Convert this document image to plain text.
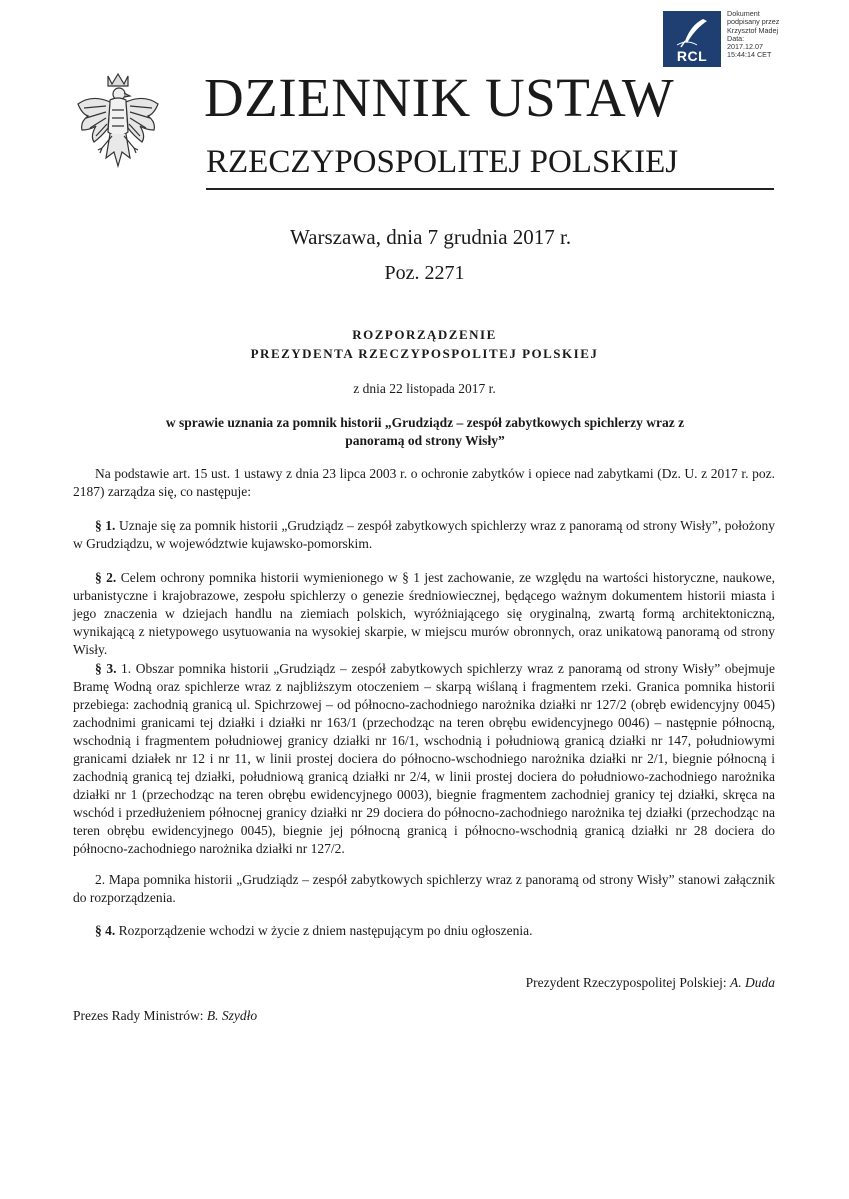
RCL
Dokument
podpisany przez
Krzysztof Madej
Data:
2017.12.07
15:44:14 CET
DZIENNIK USTAW
RZECZYPOSPOLITEJ POLSKIEJ
Warszawa, dnia 7 grudnia 2017 r.
Poz. 2271
ROZPORZĄDZENIE
PREZYDENTA RZECZYPOSPOLITEJ POLSKIEJ
z dnia 22 listopada 2017 r.
w sprawie uznania za pomnik historii „Grudziądz – zespół zabytkowych spichlerzy wraz z panoramą od strony Wisły”

Na podstawie art. 15 ust. 1 ustawy z dnia 23 lipca 2003 r. o ochronie zabytków i opiece nad zabytkami (Dz. U. z 2017 r. poz. 2187) zarządza się, co następuje:

§ 1. Uznaje się za pomnik historii „Grudziądz – zespół zabytkowych spichlerzy wraz z panoramą od strony Wisły”, położony w Grudziądzu, w województwie kujawsko-pomorskim.

§ 2. Celem ochrony pomnika historii wymienionego w § 1 jest zachowanie, ze względu na wartości historyczne, naukowe, urbanistyczne i krajobrazowe, zespołu spichlerzy o genezie średniowiecznej, będącego ważnym dokumentem historii miasta i jego znaczenia w dziejach handlu na ziemiach polskich, wyróżniającego się oryginalną, zwartą formą architektoniczną, wynikającą z nietypowego usytuowania na wysokiej skarpie, w miejscu murów obronnych, oraz unikatową panoramą od strony Wisły.

§ 3. 1. Obszar pomnika historii „Grudziądz – zespół zabytkowych spichlerzy wraz z panoramą od strony Wisły” obejmuje Bramę Wodną oraz spichlerze wraz z najbliższym otoczeniem – skarpą wiślaną i fragmentem rzeki. Granica pomnika historii przebiega: zachodnią granicą ul. Spichrzowej – od północno-zachodniego narożnika działki nr 127/2 (obręb ewidencyjny 0045) zachodnimi granicami tej działki i działki nr 163/1 (przechodząc na teren obrębu ewidencyjnego 0046) – następnie północną, wschodnią i fragmentem południowej granicy działki nr 16/1, wschodnią i południową granicą działki nr 147, południowymi granicami działek nr 12 i nr 11, w linii prostej dociera do północno-wschodniego narożnika działki nr 2/1, biegnie północną i zachodnią granicą tej działki, południową granicą działki nr 2/4, w linii prostej dociera do południowo-zachodniego narożnika działki nr 1 (przechodząc na teren obrębu ewidencyjnego 0003), biegnie fragmentem zachodniej granicy tej działki, skręca na wschód i przedłużeniem północnej granicy działki nr 29 dociera do północno-zachodniego narożnika tej działki (przechodząc na teren obrębu ewidencyjnego 0045), biegnie jej północną granicą i północno-wschodnią granicą działki nr 28 dociera do północno-zachodniego narożnika działki nr 127/2.

2. Mapa pomnika historii „Grudziądz – zespół zabytkowych spichlerzy wraz z panoramą od strony Wisły” stanowi załącznik do rozporządzenia.

§ 4. Rozporządzenie wchodzi w życie z dniem następującym po dniu ogłoszenia.

Prezydent Rzeczypospolitej Polskiej: A. Duda
Prezes Rady Ministrów: B. Szydło
